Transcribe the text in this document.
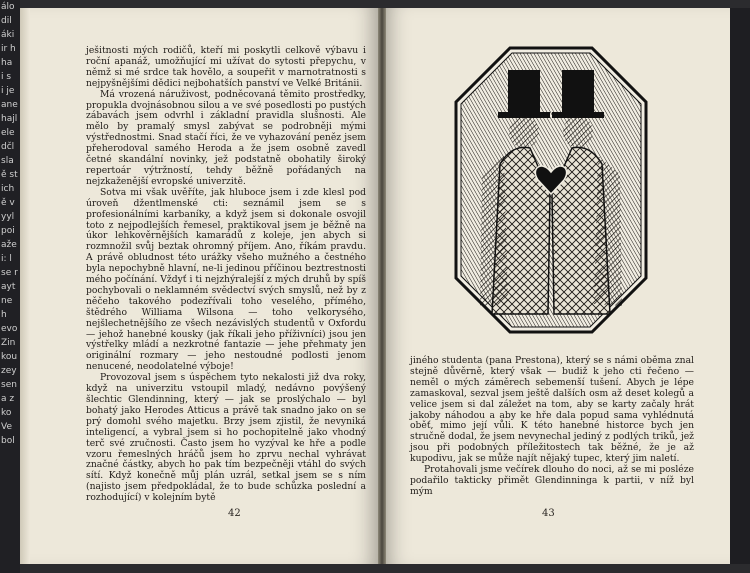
álo
dil
áki
ir h
ha
i s
i je
ane
hajl
ele
dčl
sla
ě st
ich
ě v
yyl
poi
aže
i: l
se r
ayt
ne h
evo
Zin
kou
zey
sen
a z
ko
Ve
bol

ješitnosti mých rodičů, kteří mi poskytli celkově výbavu i roční apanáž, umožňující mi užívat do sytosti přepychu, v němž si mé srdce tak hovělo, a soupeřit v marnotratnosti s nejpyšnějšími dědici nejbohatších panství ve Velké Británii.

Má vrozená náruživost, podněcovaná těmito prostředky, propukla dvojnásobnou silou a ve své posedlosti po pustých zábavách jsem odvrhl i základní pravidla slušnosti. Ale mělo by pramalý smysl zabývat se podrobněji mými výstřednostmi. Snad stačí říci, že ve vyhazování peněz jsem přeherodoval samého Heroda a že jsem osobně zavedl četné skandální novinky, jež podstatně obohatily široký repertoár výtržností, tehdy běžně pořádaných na nejzkaženější evropské univerzitě.

Sotva mi však uvěříte, jak hluboce jsem i zde klesl pod úroveň džentlmenské cti: seznámil jsem se s profesionálními karbaníky, a když jsem si dokonale osvojil toto z nejpodlejších řemesel, praktikoval jsem je běžně na úkor lehkověrnějších kamarádů z koleje, jen abych si rozmnožil svůj beztak ohromný příjem. Ano, říkám pravdu. A právě obludnost této urážky všeho mužného a čestného byla nepochybně hlavní, ne-li jedinou příčinou beztrestnosti mého počínání. Vždyť i ti nejzhýralejší z mých druhů by spíš pochybovali o neklamném svědectví svých smyslů, než by z něčeho takového podezřívali toho veselého, přímého, štědrého Williama Wilsona — toho velkorysého, nejšlechetnějšího ze všech nezávislých studentů v Oxfordu — jehož hanebné kousky (jak říkali jeho příživníci) jsou jen výstřelky mládí a nezkrotné fantazie — jehe přehmaty jen originální rozmary — jeho nestoudné podlosti jenom nenucené, neodolatelné výboje!

Provozoval jsem s úspěchem tyto nekalosti již dva roky, když na univerzitu vstoupil mladý, nedávno povýšený šlechtic Glendinning, který — jak se proslýchalo — byl bohatý jako Herodes Atticus a právě tak snadno jako on se prý domohl svého majetku. Brzy jsem zjistil, že nevyniká inteligencí, a vybral jsem si ho pochopitelně jako vhodný terč své zručnosti. Často jsem ho vyzýval ke hře a podle vzoru řemeslných hráčů jsem ho zprvu nechal vyhrávat značné částky, abych ho pak tím bezpečněji vtáhl do svých sítí. Když konečně můj plán uzrál, setkal jsem se s ním (najisto jsem předpokládal, že to bude schůzka poslední a rozhodující) v kolejním bytě

42

jiného studenta (pana Prestona), který se s námi oběma znal stejně důvěrně, který však — budiž k jeho cti řečeno — neměl o mých záměrech sebemenší tušení. Abych je lépe zamaskoval, sezval jsem ještě dalších osm až deset kolegů a velice jsem si dal záležet na tom, aby se karty začaly hrát jakoby náhodou a aby ke hře dala popud sama vyhlédnutá oběť, mimo její vůli. K této hanebné historce bych jen stručně dodal, že jsem nevynechal jediný z podlých triků, jež jsou při podobných příležitostech tak běžné, že je až kupodivu, jak se může najít nějaký tupec, který jim naletí.

Protahovali jsme večírek dlouho do noci, až se mi posléze podařilo takticky přimět Glendinninga k partii, v níž byl mým

43
